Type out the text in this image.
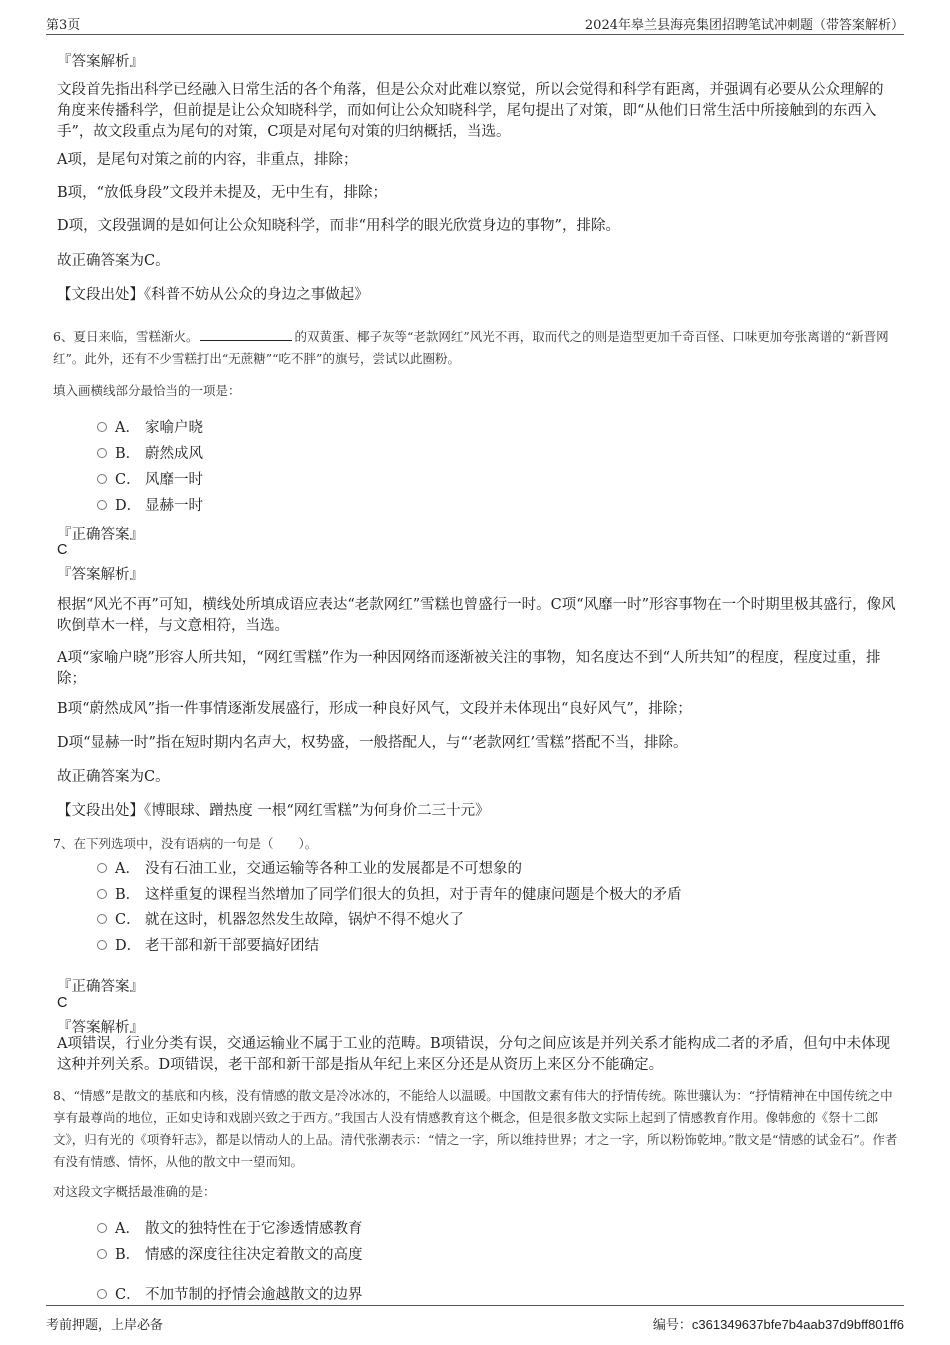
第3页	2024年皋兰县海亮集团招聘笔试冲刺题（带答案解析）
『答案解析』
文段首先指出科学已经融入日常生活的各个角落，但是公众对此难以察觉，所以会觉得和科学有距离，并强调有必要从公众理解的角度来传播科学，但前提是让公众知晓科学，而如何让公众知晓科学，尾句提出了对策，即“从他们日常生活中所接触到的东西入手”，故文段重点为尾句的对策，C项是对尾句对策的归纳概括，当选。
A项，是尾句对策之前的内容，非重点，排除；
B项，“放低身段”文段并未提及，无中生有，排除；
D项，文段强调的是如何让公众知晓科学，而非“用科学的眼光欣赏身边的事物”，排除。
故正确答案为C。
【文段出处】《科普不妨从公众的身边之事做起》
6、夏日来临，雪糕渐火。	的双黄蛋、椰子灰等“老款网红”风光不再，取而代之的则是造型更加千奇百怪、口味更加夸张离谱的“新晋网红”。此外，还有不少雪糕打出“无蔗糖”“吃不胖”的旗号，尝试以此圈粉。
填入画横线部分最恰当的一项是：
A． 家喻户晓
B． 蔚然成风
C． 风靡一时
D． 显赫一时
『正确答案』
C
『答案解析』
根据“风光不再”可知，横线处所填成语应表达“老款网红”雪糕也曾盛行一时。C项“风靡一时”形容事物在一个时期里极其盛行，像风吹倒草木一样，与文意相符，当选。
A项“家喻户晓”形容人所共知，“网红雪糕”作为一种因网络而逐渐被关注的事物，知名度达不到“人所共知”的程度，程度过重，排除；
B项“蔚然成风”指一件事情逐渐发展盛行，形成一种良好风气，文段并未体现出“良好风气”，排除；
D项“显赫一时”指在短时期内名声大，权势盛，一般搭配人，与“‘老款网红’雪糕”搭配不当，排除。
故正确答案为C。
【文段出处】《博眼球、蹭热度 一根“网红雪糕”为何身价二三十元》
7、在下列选项中，没有语病的一句是（　　）。
A． 没有石油工业，交通运输等各种工业的发展都是不可想象的
B． 这样重复的课程当然增加了同学们很大的负担，对于青年的健康问题是个极大的矛盾
C． 就在这时，机器忽然发生故障，锅炉不得不熄火了
D． 老干部和新干部要搞好团结
『正确答案』
C
『答案解析』
A项错误，行业分类有误，交通运输业不属于工业的范畴。B项错误，分句之间应该是并列关系才能构成二者的矛盾，但句中未体现这种并列关系。D项错误，老干部和新干部是指从年纪上来区分还是从资历上来区分不能确定。
8、“情感”是散文的基底和内核，没有情感的散文是冷冰冰的，不能给人以温暖。中国散文素有伟大的抒情传统。陈世骧认为：“抒情精神在中国传统之中享有最尊尚的地位，正如史诗和戏剧兴致之于西方。”我国古人没有情感教育这个概念，但是很多散文实际上起到了情感教育作用。像韩愈的《祭十二郎文》，归有光的《项脊轩志》，都是以情动人的上品。清代张潮表示：“情之一字，所以维持世界；才之一字，所以粉饰乾坤。”散文是“情感的试金石”。作者有没有情感、情怀，从他的散文中一望而知。
对这段文字概括最准确的是：
A． 散文的独特性在于它渗透情感教育
B． 情感的深度往往决定着散文的高度
C． 不加节制的抒情会逾越散文的边界
考前押题，上岸必备	编号：c361349637bfe7b4aab37d9bff801ff6
